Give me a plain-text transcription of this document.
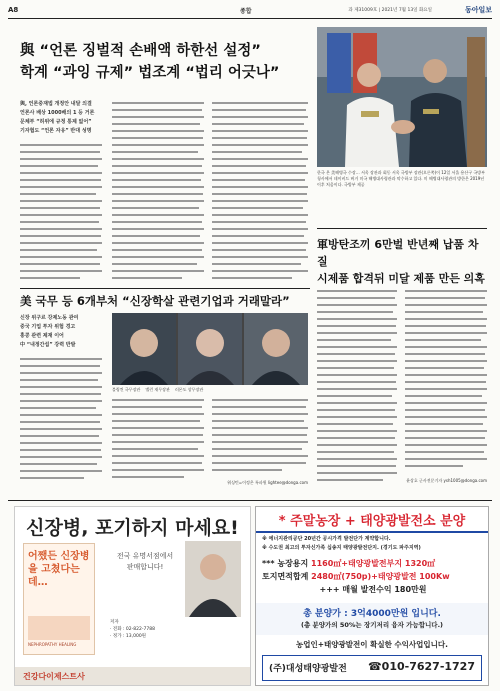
A8	종합	과 제31009호 | 2021년 7월 13일 화요일	동아일보
與 “언론 징벌적 손배액 하한선 설정”
학계 “과잉 규제” 법조계 “법리 어긋나”
與, 언론중재법 개정안 내달 의결
언론사 배상 1000배의 1 등 거론
문체부 “허위에 규정 통제 없어”
기자협도 “언론 자유” 반대 성명
한국 온 美해병국 수장… 서욱 장관과 회동 서욱 국방부 장관(오른쪽)이 12일 서울 용산구 국방부 청사에서 데이비드 버거 미국 해병대사령관과 악수하고 있다. 미 해병대사령관의 방한은 2019년 이후 처음이다. 국방부 제공
軍방탄조끼 6만벌 반년째 납품 차질
시제품 합격뒤 미달 제품 만든 의혹
윤상호 군사전문기자 ysh1005@donga.com
美 국무 등 6개부처 “신장학살 관련기업과 거래말라”
신장 위구르 강제노동 관여
중국 기업 투자 위험 경고
홍콩 관련 제재 이어
中 “내정간섭” 강력 반발
블링컨 국무장관    옐런 재무장관    러몬도 상무장관
워싱턴=이정은 특파원 lightee@donga.com
신장병, 포기하지 마세요!
어쨌든 신장병을 고쳤다는데…
NEPHROPATHY HEALING
전국 유명서점에서
판매합니다!
저자
· 전화 : 02-822-7788
· 정가 : 13,000원
건강다이제스트사
* 주말농장 + 태양광발전소 분양
※ 에너지관리공단 20년간 공시가격 발전단가 계약합니다.
※ 수도권 최고의 투자신가족 십송지 태양광발전단지. (경기도 파주지역)
*** 농장용지 1160㎡+태양광발전부지 1320㎡
토지면적합계 2480㎡(750p)+태양광발전 100Kw
+++ 매월 발전수익 180만원
총 분양가 : 3억4000만원 입니다.
(총 분양가의 50%는 장기저리 융자 가능합니다.)
농업인+태양광발전이 확실한 수익사업입니다.
(주)대성태양광발전 ☎010-7627-1727
